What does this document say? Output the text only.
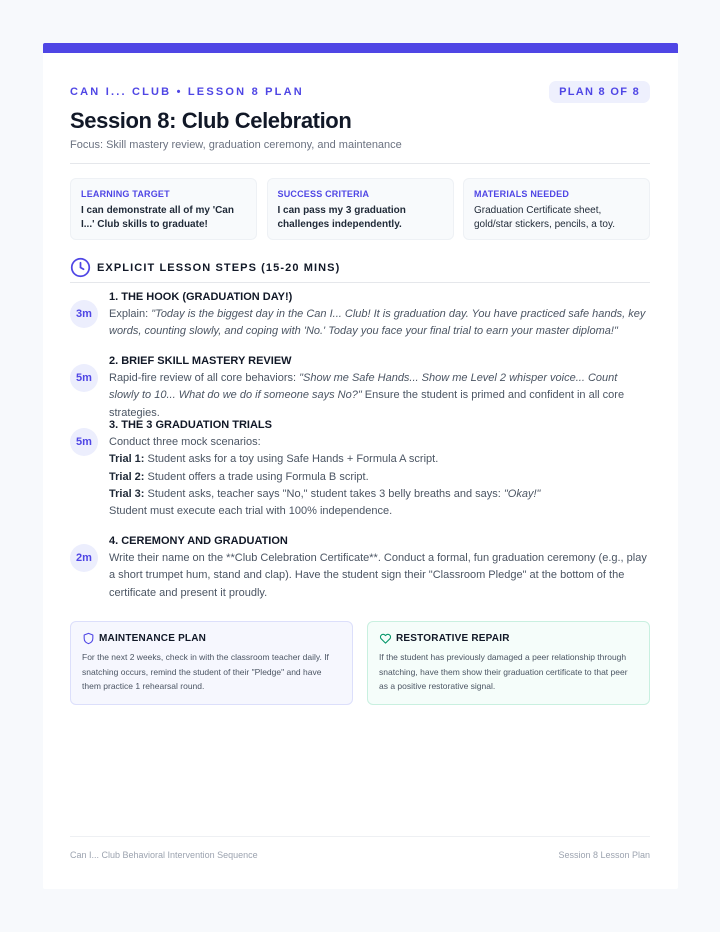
CAN I... CLUB • LESSON 8 PLAN	PLAN 8 OF 8
Session 8: Club Celebration
Focus: Skill mastery review, graduation ceremony, and maintenance
LEARNING TARGET
I can demonstrate all of my 'Can I...' Club skills to graduate!
SUCCESS CRITERIA
I can pass my 3 graduation challenges independently.
MATERIALS NEEDED
Graduation Certificate sheet, gold/star stickers, pencils, a toy.
EXPLICIT LESSON STEPS (15-20 MINS)
3m
1. THE HOOK (GRADUATION DAY!)
Explain: "Today is the biggest day in the Can I... Club! It is graduation day. You have practiced safe hands, key words, counting slowly, and coping with 'No.' Today you face your final trial to earn your master diploma!"
5m
2. BRIEF SKILL MASTERY REVIEW
Rapid-fire review of all core behaviors: "Show me Safe Hands... Show me Level 2 whisper voice... Count slowly to 10... What do we do if someone says No?" Ensure the student is primed and confident in all core strategies.
5m
3. THE 3 GRADUATION TRIALS
Conduct three mock scenarios:
Trial 1: Student asks for a toy using Safe Hands + Formula A script.
Trial 2: Student offers a trade using Formula B script.
Trial 3: Student asks, teacher says "No," student takes 3 belly breaths and says: "Okay!"
Student must execute each trial with 100% independence.
2m
4. CEREMONY AND GRADUATION
Write their name on the **Club Celebration Certificate**. Conduct a formal, fun graduation ceremony (e.g., play a short trumpet hum, stand and clap). Have the student sign their "Classroom Pledge" at the bottom of the certificate and present it proudly.
MAINTENANCE PLAN
For the next 2 weeks, check in with the classroom teacher daily. If snatching occurs, remind the student of their "Pledge" and have them practice 1 rehearsal round.
RESTORATIVE REPAIR
If the student has previously damaged a peer relationship through snatching, have them show their graduation certificate to that peer as a positive restorative signal.
Can I... Club Behavioral Intervention Sequence	Session 8 Lesson Plan
